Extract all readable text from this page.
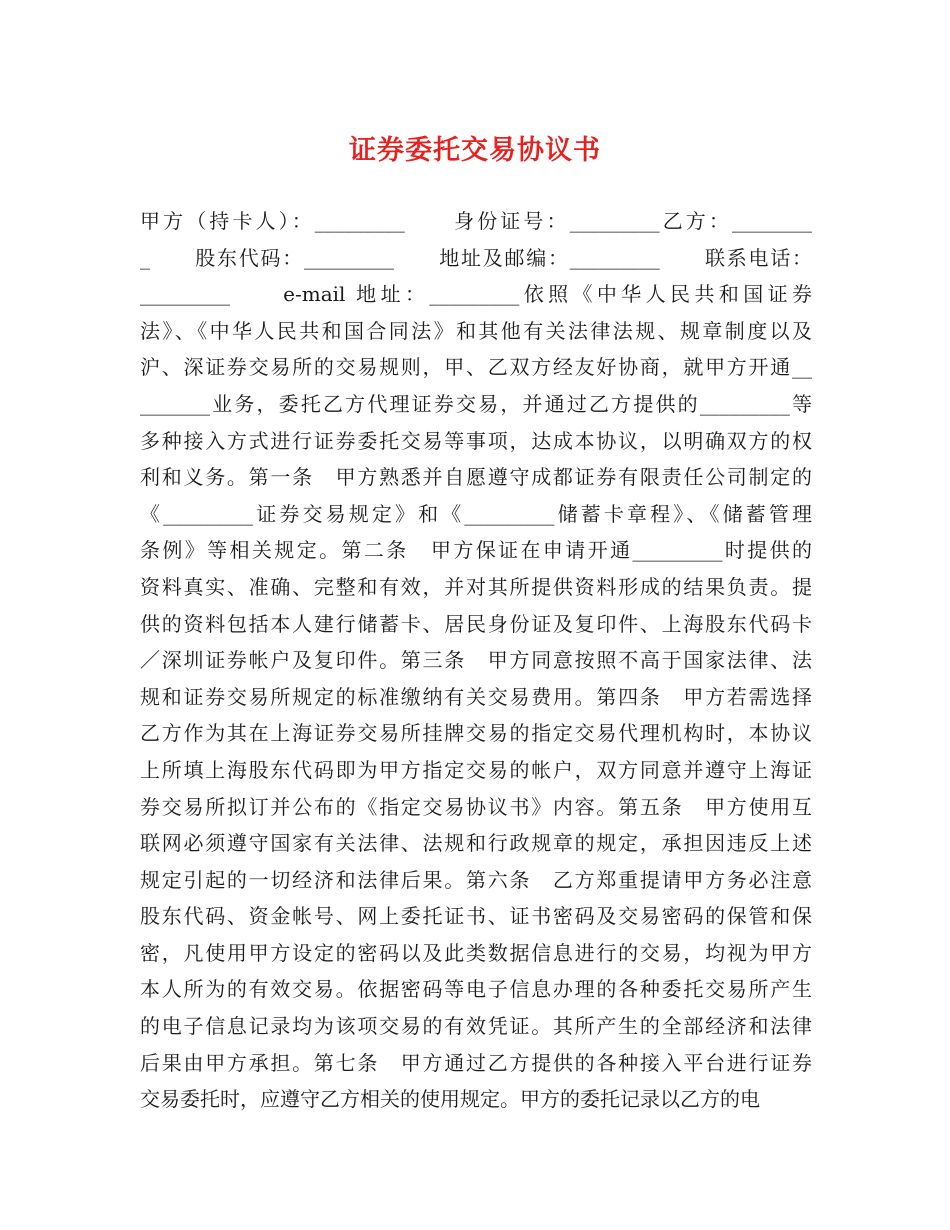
证券委托交易协议书
甲方（持卡人）：_________　　身份证号：_________乙方：________
_　　股东代码：_________　　地址及邮编：_________　　联系电话：
_________　　e-mail 地址：_________依照《中华人民共和国证券
法》、《中华人民共和国合同法》和其他有关法律法规、规章制度以及
沪、深证券交易所的交易规则，甲、乙双方经友好协商，就甲方开通__
_______业务，委托乙方代理证券交易，并通过乙方提供的_________等
多种接入方式进行证券委托交易等事项，达成本协议，以明确双方的权
利和义务。第一条　甲方熟悉并自愿遵守成都证券有限责任公司制定的
《_________证券交易规定》和《_________储蓄卡章程》、《储蓄管理
条例》等相关规定。第二条　甲方保证在申请开通_________时提供的
资料真实、准确、完整和有效，并对其所提供资料形成的结果负责。提
供的资料包括本人建行储蓄卡、居民身份证及复印件、上海股东代码卡
／深圳证券帐户及复印件。第三条　甲方同意按照不高于国家法律、法
规和证券交易所规定的标准缴纳有关交易费用。第四条　甲方若需选择
乙方作为其在上海证券交易所挂牌交易的指定交易代理机构时，本协议
上所填上海股东代码即为甲方指定交易的帐户，双方同意并遵守上海证
券交易所拟订并公布的《指定交易协议书》内容。第五条　甲方使用互
联网必须遵守国家有关法律、法规和行政规章的规定，承担因违反上述
规定引起的一切经济和法律后果。第六条　乙方郑重提请甲方务必注意
股东代码、资金帐号、网上委托证书、证书密码及交易密码的保管和保
密，凡使用甲方设定的密码以及此类数据信息进行的交易，均视为甲方
本人所为的有效交易。依据密码等电子信息办理的各种委托交易所产生
的电子信息记录均为该项交易的有效凭证。其所产生的全部经济和法律
后果由甲方承担。第七条　甲方通过乙方提供的各种接入平台进行证券
交易委托时，应遵守乙方相关的使用规定。甲方的委托记录以乙方的电
